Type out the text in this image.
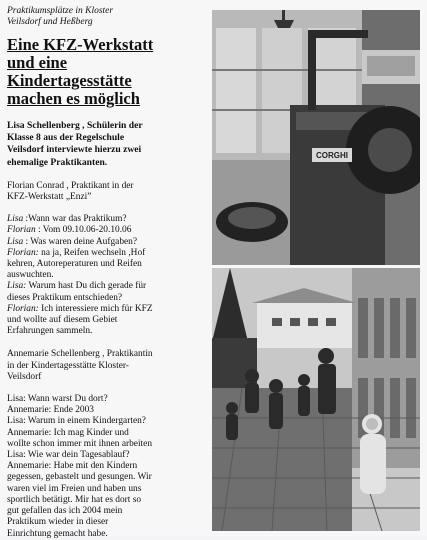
Praktikumsplätze in Kloster
Veilsdorf und Heßberg
Eine KFZ-Werkstatt
und eine
Kindertagesstätte
machen es möglich
Lisa Schellenberg , Schülerin der
Klasse 8 aus der Regelschule
Veilsdorf interviewte hierzu zwei
ehemalige Praktikanten.
Florian Conrad , Praktikant in der
KFZ-Werkstatt „Enzi”
Lisa :Wann war das Praktikum?
Florian : Vom 09.10.06-20.10.06
Lisa : Was waren deine Aufgaben?
Florian: na ja, Reifen wechseln ,Hof
kehren, Autoreperaturen und Reifen
auswuchten.
Lisa: Warum hast Du dich gerade für
dieses Praktikum entschieden?
Florian: Ich interessiere mich für KFZ
und wollte auf diesem Gebiet
Erfahrungen sammeln.
Annemarie Schellenberg , Praktikantin
in der Kindertagesstätte Kloster-
Veilsdorf
Lisa: Wann warst Du dort?
Annemarie: Ende 2003
Lisa: Warum in einem Kindergarten?
Annemarie: Ich mag Kinder und
wollte schon immer mit ihnen arbeiten
Lisa: Wie war dein Tagesablauf?
Annemarie: Habe mit den Kindern
gegessen, gebastelt und gesungen. Wir
waren viel im Freien und haben uns
sportlich betätigt. Mir hat es dort so
gut gefallen das ich 2004 mein
Praktikum wieder in dieser
Einrichtung gemacht habe.
CORGHI
